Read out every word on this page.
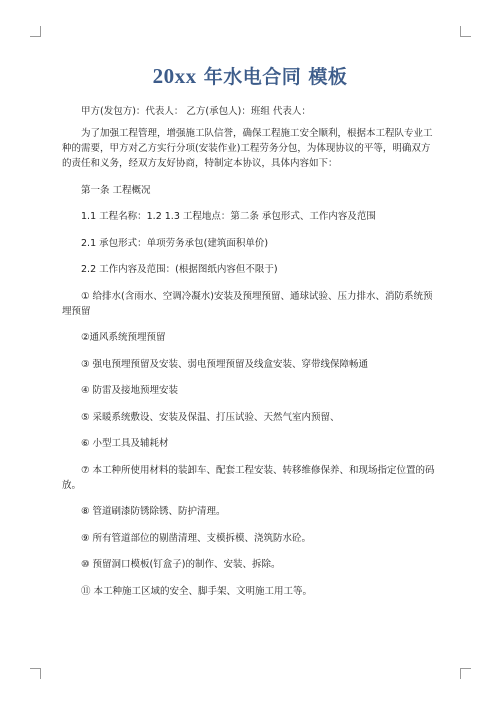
20xx 年水电合同 模板

甲方(发包方)：代表人： 乙方(承包人)：班组 代表人：

为了加强工程管理，增强施工队信誉，确保工程施工安全顺利，根据本工程队专业工种的需要，甲方对乙方实行分项(安装作业)工程劳务分包，为体现协议的平等，明确双方的责任和义务，经双方友好协商，特制定本协议，具体内容如下：

第一条 工程概况

1.1 工程名称：1.2 1.3 工程地点：第二条 承包形式、工作内容及范围

2.1 承包形式：单项劳务承包(建筑面积单价)

2.2 工作内容及范围：(根据图纸内容但不限于)

① 给排水(含雨水、空调冷凝水)安装及预埋预留、通球试验、压力排水、消防系统预埋预留

②通风系统预埋预留

③ 强电预埋预留及安装、弱电预埋预留及线盒安装、穿带线保障畅通

④ 防雷及接地预埋安装

⑤ 采暖系统敷设、安装及保温、打压试验、天然气室内预留、

⑥ 小型工具及辅耗材

⑦ 本工种所使用材料的装卸车、配套工程安装、转移维修保养、和现场指定位置的码放。

⑧ 管道刷漆防锈除锈、防护清理。

⑨ 所有管道部位的剔凿清理、支模拆模、浇筑防水砼。

⑩ 预留洞口模板(钉盒子)的制作、安装、拆除。

⑪ 本工种施工区域的安全、脚手架、文明施工用工等。
